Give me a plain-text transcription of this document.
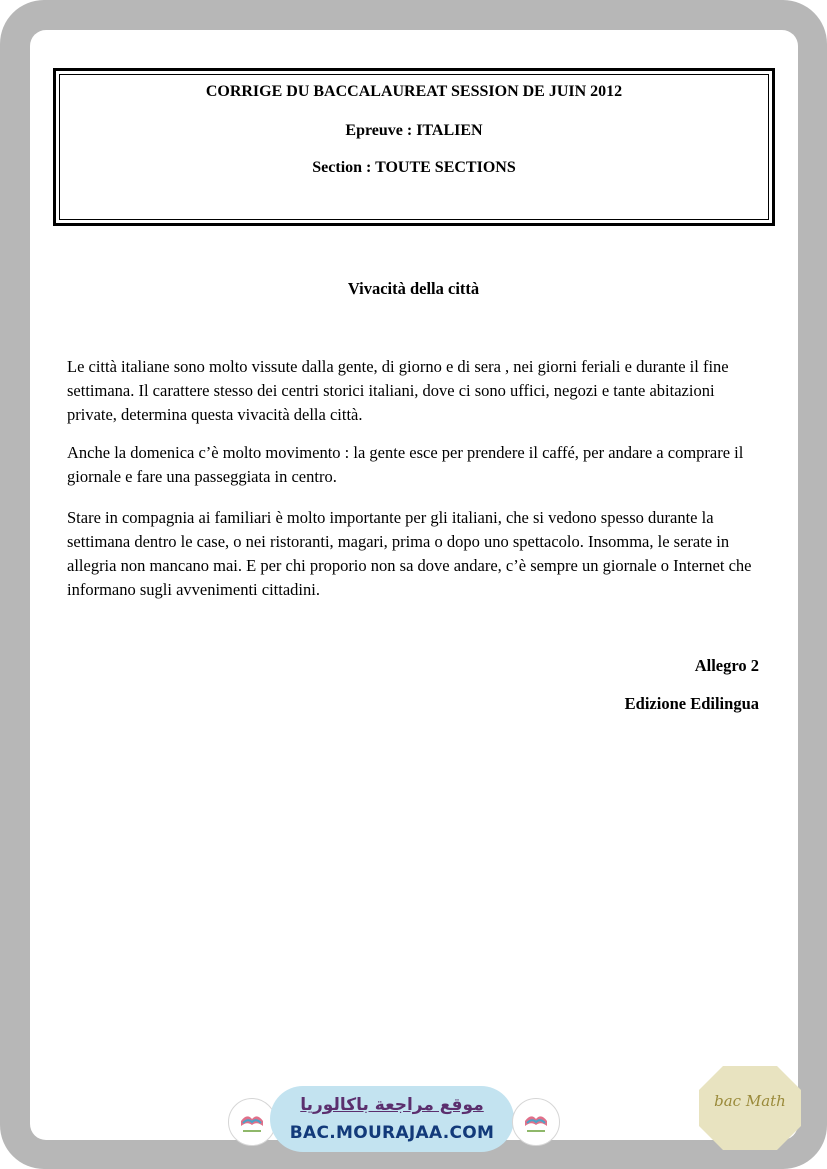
CORRIGE DU BACCALAUREAT SESSION DE JUIN 2012
Epreuve : ITALIEN
Section : TOUTE SECTIONS
Vivacità della città
Le città italiane sono molto vissute dalla gente, di giorno e di sera , nei giorni feriali e durante il fine settimana. Il carattere stesso dei centri storici italiani, dove ci sono uffici, negozi e tante abitazioni private, determina questa vivacità della città.
Anche la domenica c’è molto movimento : la gente esce per prendere il caffé, per andare a comprare il giornale e fare una passeggiata in centro.
Stare in compagnia ai familiari è molto importante per gli italiani, che si vedono spesso durante la settimana dentro le case, o nei ristoranti, magari, prima o dopo uno spettacolo. Insomma, le serate in allegria non mancano mai. E per chi proporio non sa dove andare, c’è sempre un giornale o Internet che informano sugli avvenimenti cittadini.
Allegro 2
Edizione Edilingua
موقع مراجعة باكالوريا
BAC.MOURAJAA.COM
bac Math
